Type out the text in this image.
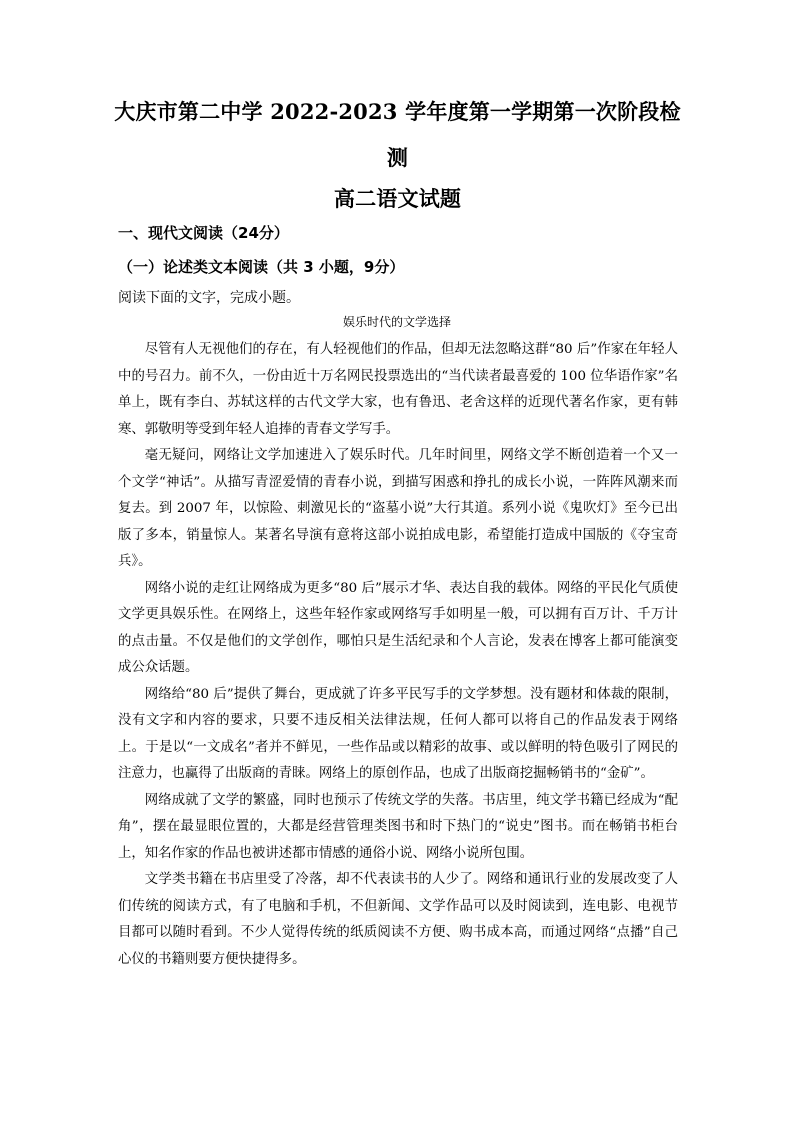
大庆市第二中学 2022-2023 学年度第一学期第一次阶段检
测
高二语文试题
一、现代文阅读（24分）
（一）论述类文本阅读（共 3 小题，9分）
阅读下面的文字，完成小题。
娱乐时代的文学选择

尽管有人无视他们的存在，有人轻视他们的作品，但却无法忽略这群“80 后”作家在年轻人中的号召力。前不久，一份由近十万名网民投票选出的“当代读者最喜爱的 100 位华语作家”名单上，既有李白、苏轼这样的古代文学大家，也有鲁迅、老舍这样的近现代著名作家，更有韩寒、郭敬明等受到年轻人追捧的青春文学写手。

毫无疑问，网络让文学加速进入了娱乐时代。几年时间里，网络文学不断创造着一个又一个文学“神话”。从描写青涩爱情的青春小说，到描写困惑和挣扎的成长小说，一阵阵风潮来而复去。到 2007 年，以惊险、刺激见长的“盗墓小说”大行其道。系列小说《鬼吹灯》至今已出版了多本，销量惊人。某著名导演有意将这部小说拍成电影，希望能打造成中国版的《夺宝奇兵》。

网络小说的走红让网络成为更多“80 后”展示才华、表达自我的载体。网络的平民化气质使文学更具娱乐性。在网络上，这些年轻作家或网络写手如明星一般，可以拥有百万计、千万计的点击量。不仅是他们的文学创作，哪怕只是生活纪录和个人言论，发表在博客上都可能演变成公众话题。

网络给“80 后”提供了舞台，更成就了许多平民写手的文学梦想。没有题材和体裁的限制，没有文字和内容的要求，只要不违反相关法律法规，任何人都可以将自己的作品发表于网络上。于是以“一文成名”者并不鲜见，一些作品或以精彩的故事、或以鲜明的特色吸引了网民的注意力，也赢得了出版商的青睐。网络上的原创作品，也成了出版商挖掘畅销书的“金矿”。

网络成就了文学的繁盛，同时也预示了传统文学的失落。书店里，纯文学书籍已经成为“配角”，摆在最显眼位置的，大都是经营管理类图书和时下热门的“说史”图书。而在畅销书柜台上，知名作家的作品也被讲述都市情感的通俗小说、网络小说所包围。

文学类书籍在书店里受了冷落，却不代表读书的人少了。网络和通讯行业的发展改变了人们传统的阅读方式，有了电脑和手机，不但新闻、文学作品可以及时阅读到，连电影、电视节目都可以随时看到。不少人觉得传统的纸质阅读不方便、购书成本高，而通过网络“点播”自己心仪的书籍则要方便快捷得多。
